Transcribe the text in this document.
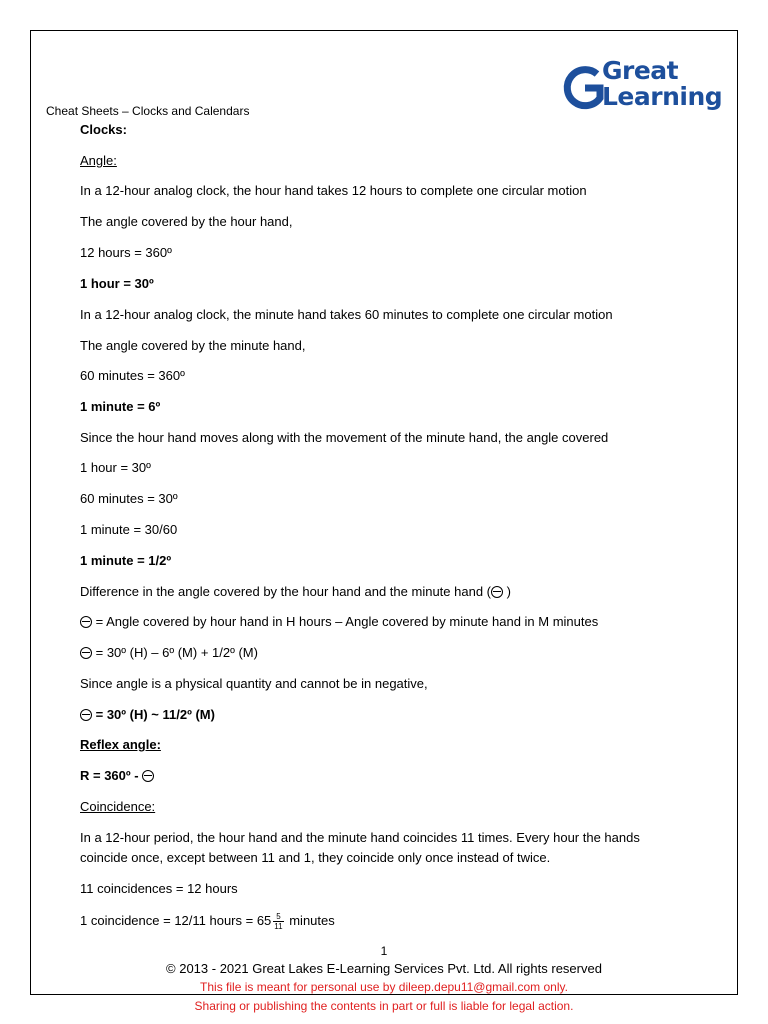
Great
Learning
Cheat Sheets – Clocks and Calendars
Clocks:
Angle:
In a 12-hour analog clock, the hour hand takes 12 hours to complete one circular motion
The angle covered by the hour hand,
12 hours = 360º
1 hour = 30º
In a 12-hour analog clock, the minute hand takes 60 minutes to complete one circular motion
The angle covered by the minute hand,
60 minutes = 360º
1 minute = 6º
Since the hour hand moves along with the movement of the minute hand, the angle covered
1 hour = 30º
60 minutes = 30º
1 minute = 30/60
1 minute = 1/2º
Difference in the angle covered by the hour hand and the minute hand ( )
= Angle covered by hour hand in H hours – Angle covered by minute hand in M minutes
= 30º (H) – 6º (M) + 1/2º (M)
Since angle is a physical quantity and cannot be in negative,
= 30º (H) ~ 11/2º (M)
Reflex angle:
R = 360º -
Coincidence:
In a 12-hour period, the hour hand and the minute hand coincides 11 times. Every hour the hands
coincide once, except between 11 and 1, they coincide only once instead of twice.
11 coincidences = 12 hours
1 coincidence = 12/11 hours = $65 \frac{5}{11}$ minutes
1
© 2013 - 2021 Great Lakes E-Learning Services Pvt. Ltd. All rights reserved
This file is meant for personal use by dileep.depu11@gmail.com only.
Sharing or publishing the contents in part or full is liable for legal action.
